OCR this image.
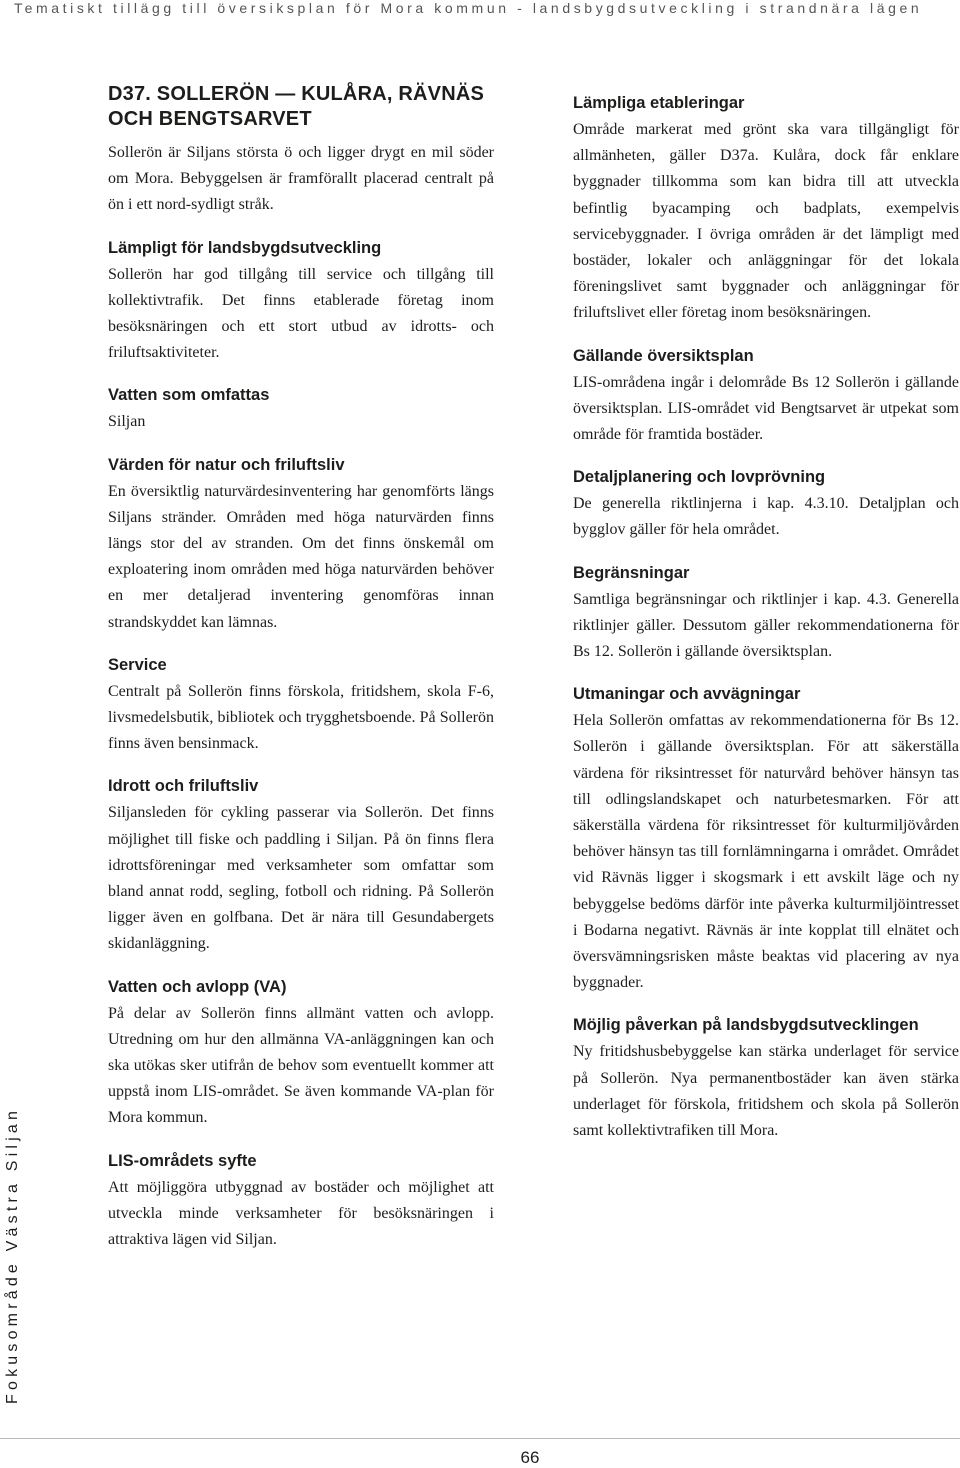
Tematiskt tillägg till översiksplan för Mora kommun - landsbygdsutveckling i strandnära lägen
Fokusområde Västra Siljan
D37. SOLLERÖN — KULÅRA, RÄVNÄS OCH BENGTSARVET

Sollerön är Siljans största ö och ligger drygt en mil söder om Mora. Bebyggelsen är framförallt placerad centralt på ön i ett nord-sydligt stråk.

Lämpligt för landsbygdsutveckling

Sollerön har god tillgång till service och tillgång till kollektivtrafik. Det finns etablerade företag inom besöksnäringen och ett stort utbud av idrotts- och friluftsaktiviteter.

Vatten som omfattas

Siljan

Värden för natur och friluftsliv

En översiktlig naturvärdesinventering har genomförts längs Siljans stränder. Områden med höga naturvärden finns längs stor del av stranden. Om det finns önskemål om exploatering inom områden med höga naturvärden behöver en mer detaljerad inventering genomföras innan strandskyddet kan lämnas.

Service

Centralt på Sollerön finns förskola, fritidshem, skola F-6, livsmedelsbutik, bibliotek och trygghetsboende. På Sollerön finns även bensinmack.

Idrott och friluftsliv

Siljansleden för cykling passerar via Sollerön. Det finns möjlighet till fiske och paddling i Siljan. På ön finns flera idrottsföreningar med verksamheter som omfattar som bland annat rodd, segling, fotboll och ridning. På Sollerön ligger även en golfbana. Det är nära till Gesundabergets skidanläggning.

Vatten och avlopp (VA)

På delar av Sollerön finns allmänt vatten och avlopp. Utredning om hur den allmänna VA-anläggningen kan och ska utökas sker utifrån de behov som eventuellt kommer att uppstå inom LIS-området. Se även kommande VA-plan för Mora kommun.

LIS-områdets syfte

Att möjliggöra utbyggnad av bostäder och möjlighet att utveckla minde verksamheter för besöksnäringen i attraktiva lägen vid Siljan.

Lämpliga etableringar

Område markerat med grönt ska vara tillgängligt för allmänheten, gäller D37a. Kulåra, dock får enklare byggnader tillkomma som kan bidra till att utveckla befintlig byacamping och badplats, exempelvis servicebyggnader. I övriga områden är det lämpligt med bostäder, lokaler och anläggningar för det lokala föreningslivet samt byggnader och anläggningar för friluftslivet eller företag inom besöksnäringen.

Gällande översiktsplan

LIS-områdena ingår i delområde Bs 12 Sollerön i gällande översiktsplan. LIS-området vid Bengtsarvet är utpekat som område för framtida bostäder.

Detaljplanering och lovprövning

De generella riktlinjerna i kap. 4.3.10. Detaljplan och bygglov gäller för hela området.

Begränsningar

Samtliga begränsningar och riktlinjer i kap. 4.3. Generella riktlinjer gäller. Dessutom gäller rekommendationerna för Bs 12. Sollerön i gällande översiktsplan.

Utmaningar och avvägningar

Hela Sollerön omfattas av rekommendationerna för Bs 12. Sollerön i gällande översiktsplan. För att säkerställa värdena för riksintresset för naturvård behöver hänsyn tas till odlingslandskapet och naturbetesmarken. För att säkerställa värdena för riksintresset för kulturmiljövården behöver hänsyn tas till fornlämningarna i området. Området vid Rävnäs ligger i skogsmark i ett avskilt läge och ny bebyggelse bedöms därför inte påverka kulturmiljöintresset i Bodarna negativt. Rävnäs är inte kopplat till elnätet och översvämningsrisken måste beaktas vid placering av nya byggnader.

Möjlig påverkan på landsbygdsutvecklingen

Ny fritidshusbebyggelse kan stärka underlaget för service på Sollerön. Nya permanentbostäder kan även stärka underlaget för förskola, fritidshem och skola på Sollerön samt kollektivtrafiken till Mora.

66
